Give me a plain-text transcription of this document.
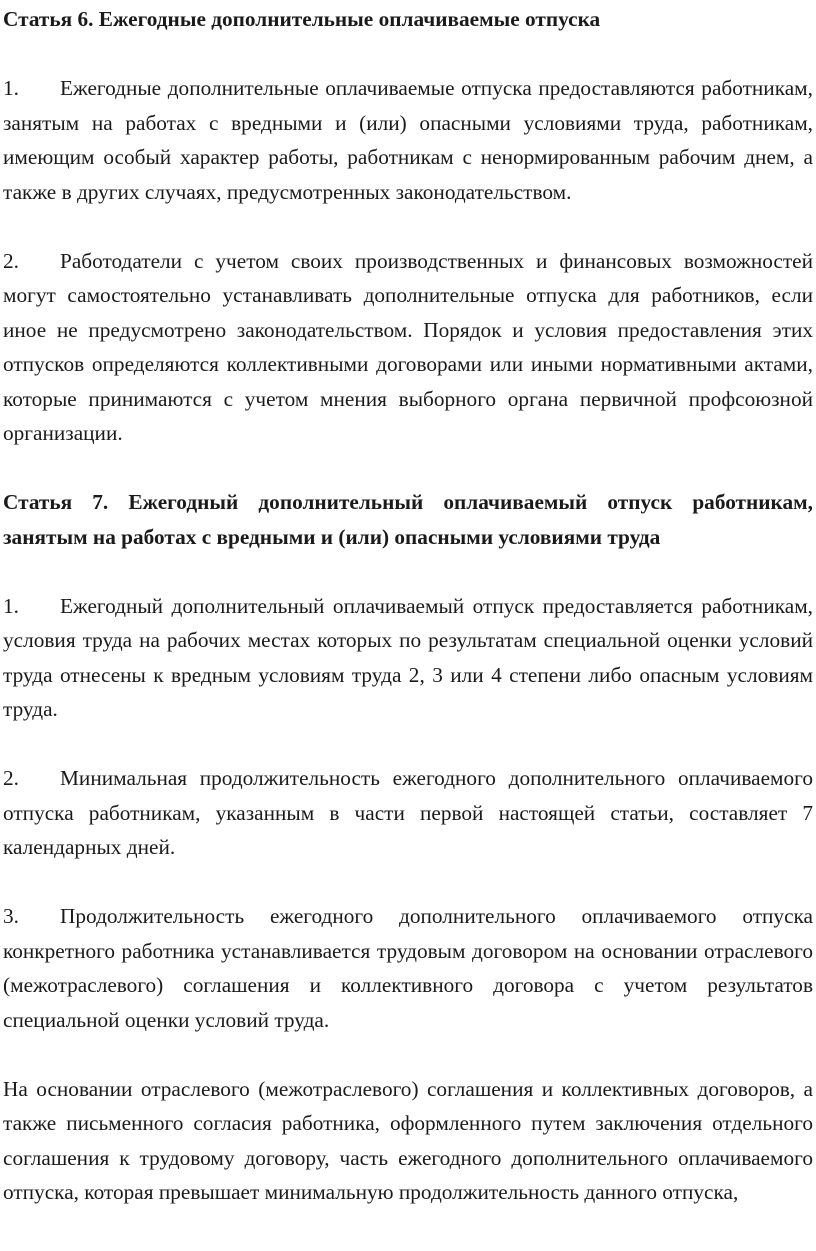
Статья 6. Ежегодные дополнительные оплачиваемые отпуска

1. Ежегодные дополнительные оплачиваемые отпуска предоставляются работникам, занятым на работах с вредными и (или) опасными условиями труда, работникам, имеющим особый характер работы, работникам с ненормированным рабочим днем, а также в других случаях, предусмотренных законодательством.

2. Работодатели с учетом своих производственных и финансовых возможностей могут самостоятельно устанавливать дополнительные отпуска для работников, если иное не предусмотрено законодательством. Порядок и условия предоставления этих отпусков определяются коллективными договорами или иными нормативными актами, которые принимаются с учетом мнения выборного органа первичной профсоюзной организации.

Статья 7. Ежегодный дополнительный оплачиваемый отпуск работникам, занятым на работах с вредными и (или) опасными условиями труда

1. Ежегодный дополнительный оплачиваемый отпуск предоставляется работникам, условия труда на рабочих местах которых по результатам специальной оценки условий труда отнесены к вредным условиям труда 2, 3 или 4 степени либо опасным условиям труда.

2. Минимальная продолжительность ежегодного дополнительного оплачиваемого отпуска работникам, указанным в части первой настоящей статьи, составляет 7 календарных дней.

3. Продолжительность ежегодного дополнительного оплачиваемого отпуска конкретного работника устанавливается трудовым договором на основании отраслевого (межотраслевого) соглашения и коллективного договора с учетом результатов специальной оценки условий труда.

На основании отраслевого (межотраслевого) соглашения и коллективных договоров, а также письменного согласия работника, оформленного путем заключения отдельного соглашения к трудовому договору, часть ежегодного дополнительного оплачиваемого отпуска, которая превышает минимальную продолжительность данного отпуска,
